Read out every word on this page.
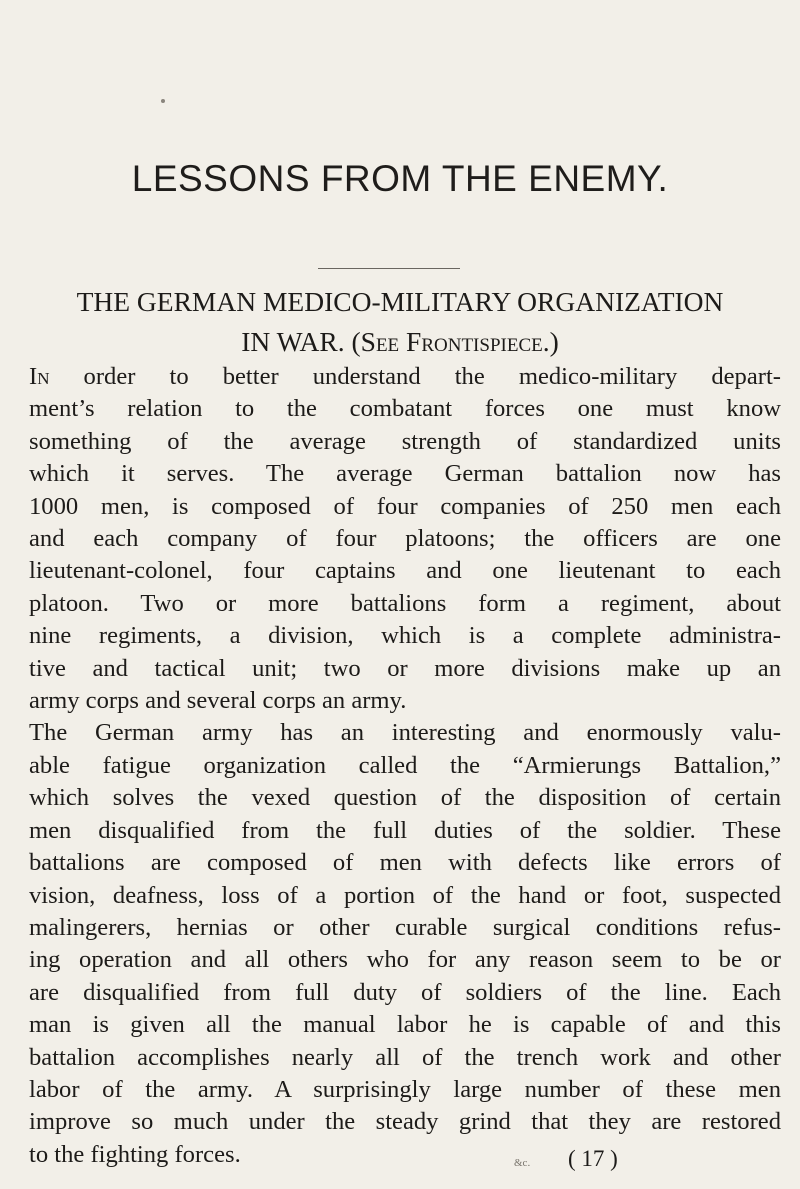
LESSONS FROM THE ENEMY.
THE GERMAN MEDICO-MILITARY ORGANIZATION
IN WAR. (See Frontispiece.)
In order to better understand the medico-military depart-
ment’s relation to the combatant forces one must know
something of the average strength of standardized units
which it serves. The average German battalion now has
1000 men, is composed of four companies of 250 men each
and each company of four platoons; the officers are one
lieutenant-colonel, four captains and one lieutenant to each
platoon. Two or more battalions form a regiment, about
nine regiments, a division, which is a complete administra-
tive and tactical unit; two or more divisions make up an
army corps and several corps an army.
The German army has an interesting and enormously valu-
able fatigue organization called the “Armierungs Battalion,”
which solves the vexed question of the disposition of certain
men disqualified from the full duties of the soldier. These
battalions are composed of men with defects like errors of
vision, deafness, loss of a portion of the hand or foot, suspected
malingerers, hernias or other curable surgical conditions refus-
ing operation and all others who for any reason seem to be or
are disqualified from full duty of soldiers of the line. Each
man is given all the manual labor he is capable of and this
battalion accomplishes nearly all of the trench work and other
labor of the army. A surprisingly large number of these men
improve so much under the steady grind that they are restored
to the fighting forces.	&c. ( 17 )
